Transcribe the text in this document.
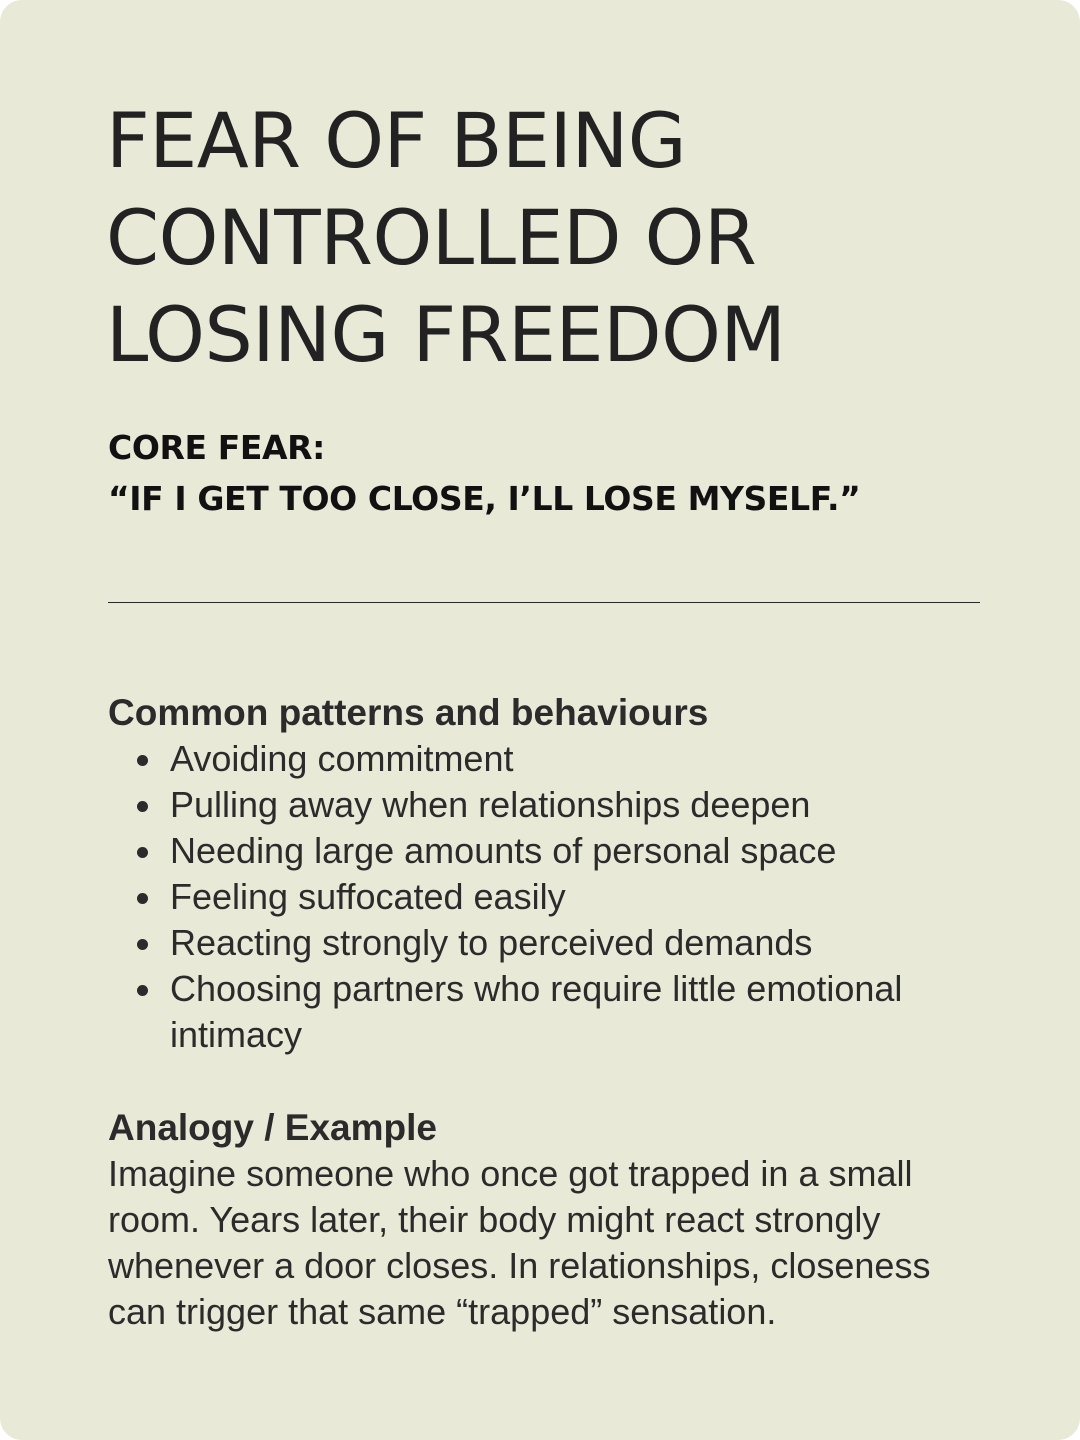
FEAR OF BEING
CONTROLLED OR
LOSING FREEDOM
CORE FEAR:
“IF I GET TOO CLOSE, I’LL LOSE MYSELF.”
Common patterns and behaviours
Avoiding commitment
Pulling away when relationships deepen
Needing large amounts of personal space
Feeling suffocated easily
Reacting strongly to perceived demands
Choosing partners who require little emotional intimacy
Analogy / Example

Imagine someone who once got trapped in a small room. Years later, their body might react strongly whenever a door closes. In relationships, closeness can trigger that same “trapped” sensation.
